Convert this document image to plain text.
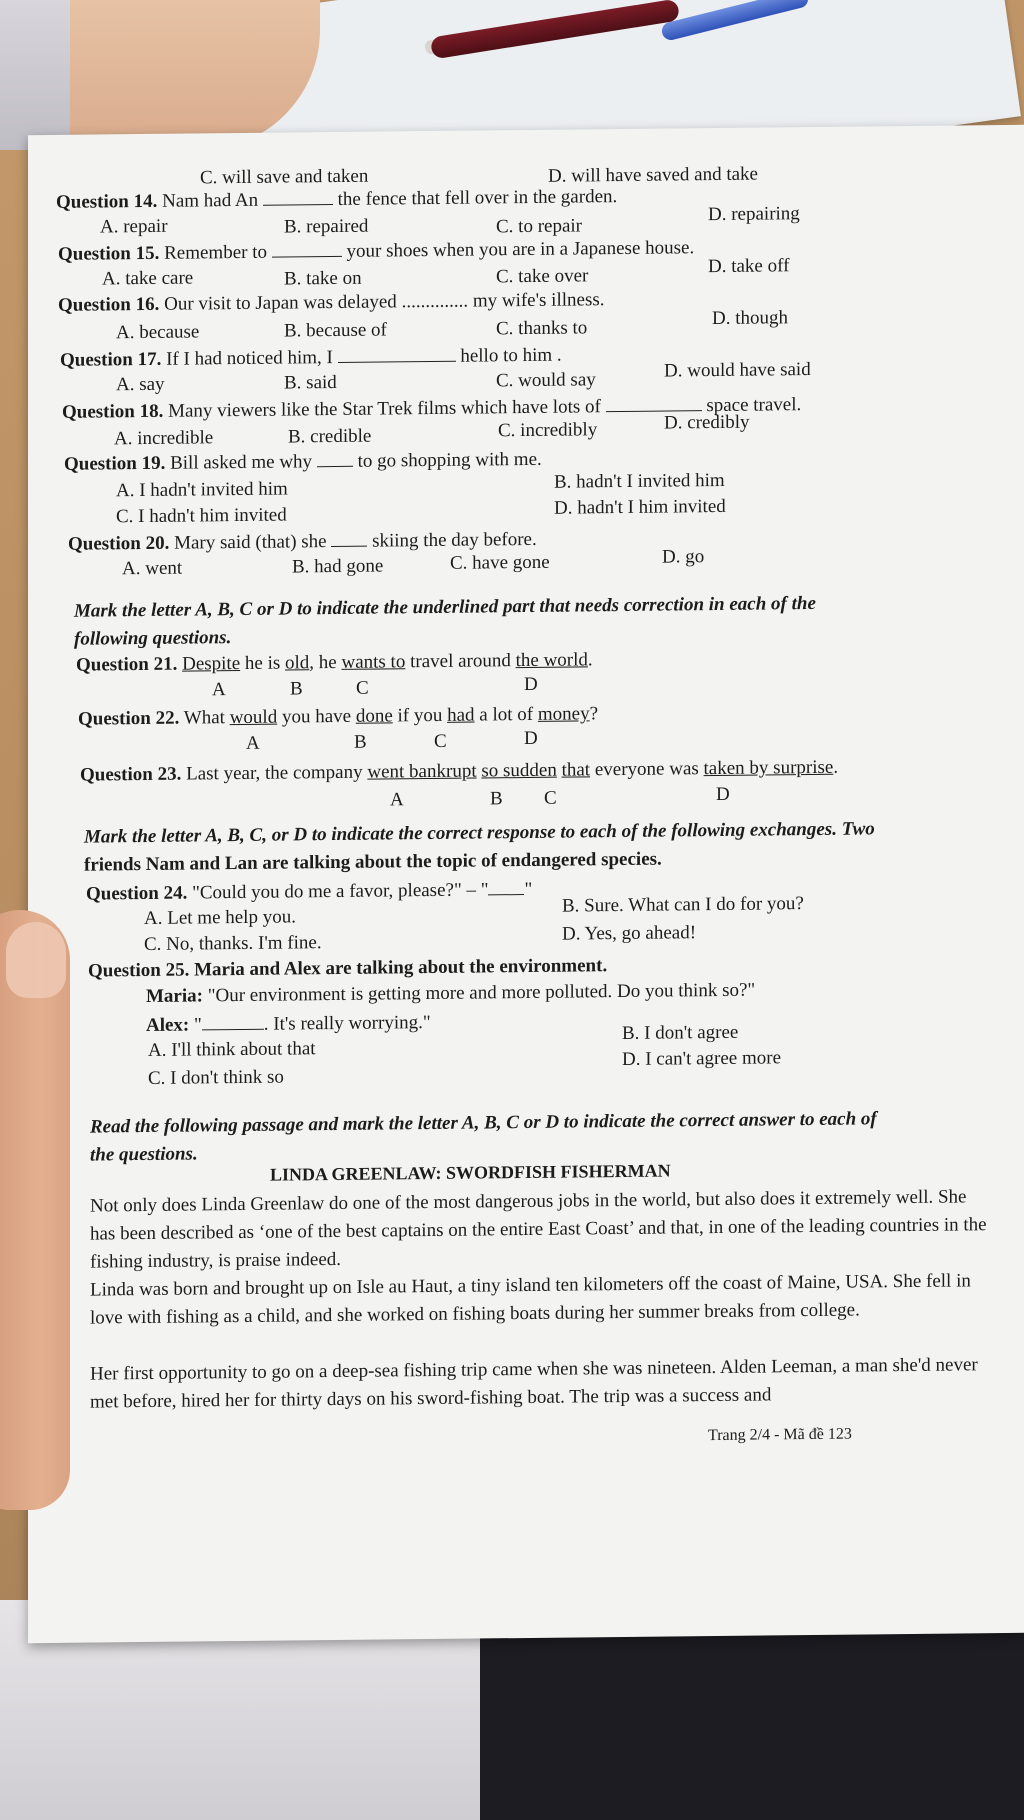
C. will save and taken	D. will have saved and take
Question 14. Nam had An	the fence that fell over in the garden.
A. repair	B. repaired	C. to repair
D. repairing
Question 15. Remember to	your shoes when you are in a Japanese house.
A. take care	B. take on	C. take over	D. take off
Question 16. Our visit to Japan was delayed .............. my wife's illness.
A. because	B. because of	C. thanks to	D. though
Question 17. If I had noticed him, I	hello to him .
A. say	B. said	C. would say	D. would have said
Question 18. Many viewers like the Star Trek films which have lots of	space travel.
A. incredible	B. credible	C. incredibly	D. credibly
Question 19. Bill asked me why to go shopping with me.
A. I hadn't invited him	B. hadn't I invited him
C. I hadn't him invited	D. hadn't I him invited
Question 20. Mary said (that) she skiing the day before.
A. went	B. had gone	C. have gone	D. go
Mark the letter A, B, C or D to indicate the underlined part that needs correction in each of the
following questions.
Question 21. Despite he is old, he wants to travel around the world.
A	B	C	D
Question 22. What would you have done if you had a lot of money?
A	B	C	D
Question 23. Last year, the company went bankrupt so sudden that everyone was taken by surprise.
A	B C	D
Mark the letter A, B, C, or D to indicate the correct response to each of the following exchanges. Two
friends Nam and Lan are talking about the topic of endangered species.
Question 24. "Could you do me a favor, please?" – " "
A. Let me help you.
B. Sure. What can I do for you?
C. No, thanks. I'm fine.	D. Yes, go ahead!
Question 25. Maria and Alex are talking about the environment.
Maria: "Our environment is getting more and more polluted. Do you think so?"
Alex: "	. It's really worrying."
A. I'll think about that
B. I don't agree
C. I don't think so
D. I can't agree more
Read the following passage and mark the letter A, B, C or D to indicate the correct answer to each of
the questions.
LINDA GREENLAW: SWORDFISH FISHERMAN
Not only does Linda Greenlaw do one of the most dangerous jobs in the world, but also does it extremely well. She has been described as ‘one of the best captains on the entire East Coast’ and that, in one of the leading countries in the fishing industry, is praise indeed.
Linda was born and brought up on Isle au Haut, a tiny island ten kilometers off the coast of Maine, USA. She fell in love with fishing as a child, and she worked on fishing boats during her summer breaks from college.
Her first opportunity to go on a deep-sea fishing trip came when she was nineteen. Alden Leeman, a man she'd never met before, hired her for thirty days on his sword-fishing boat. The trip was a success and
Trang 2/4 - Mã đề 123
